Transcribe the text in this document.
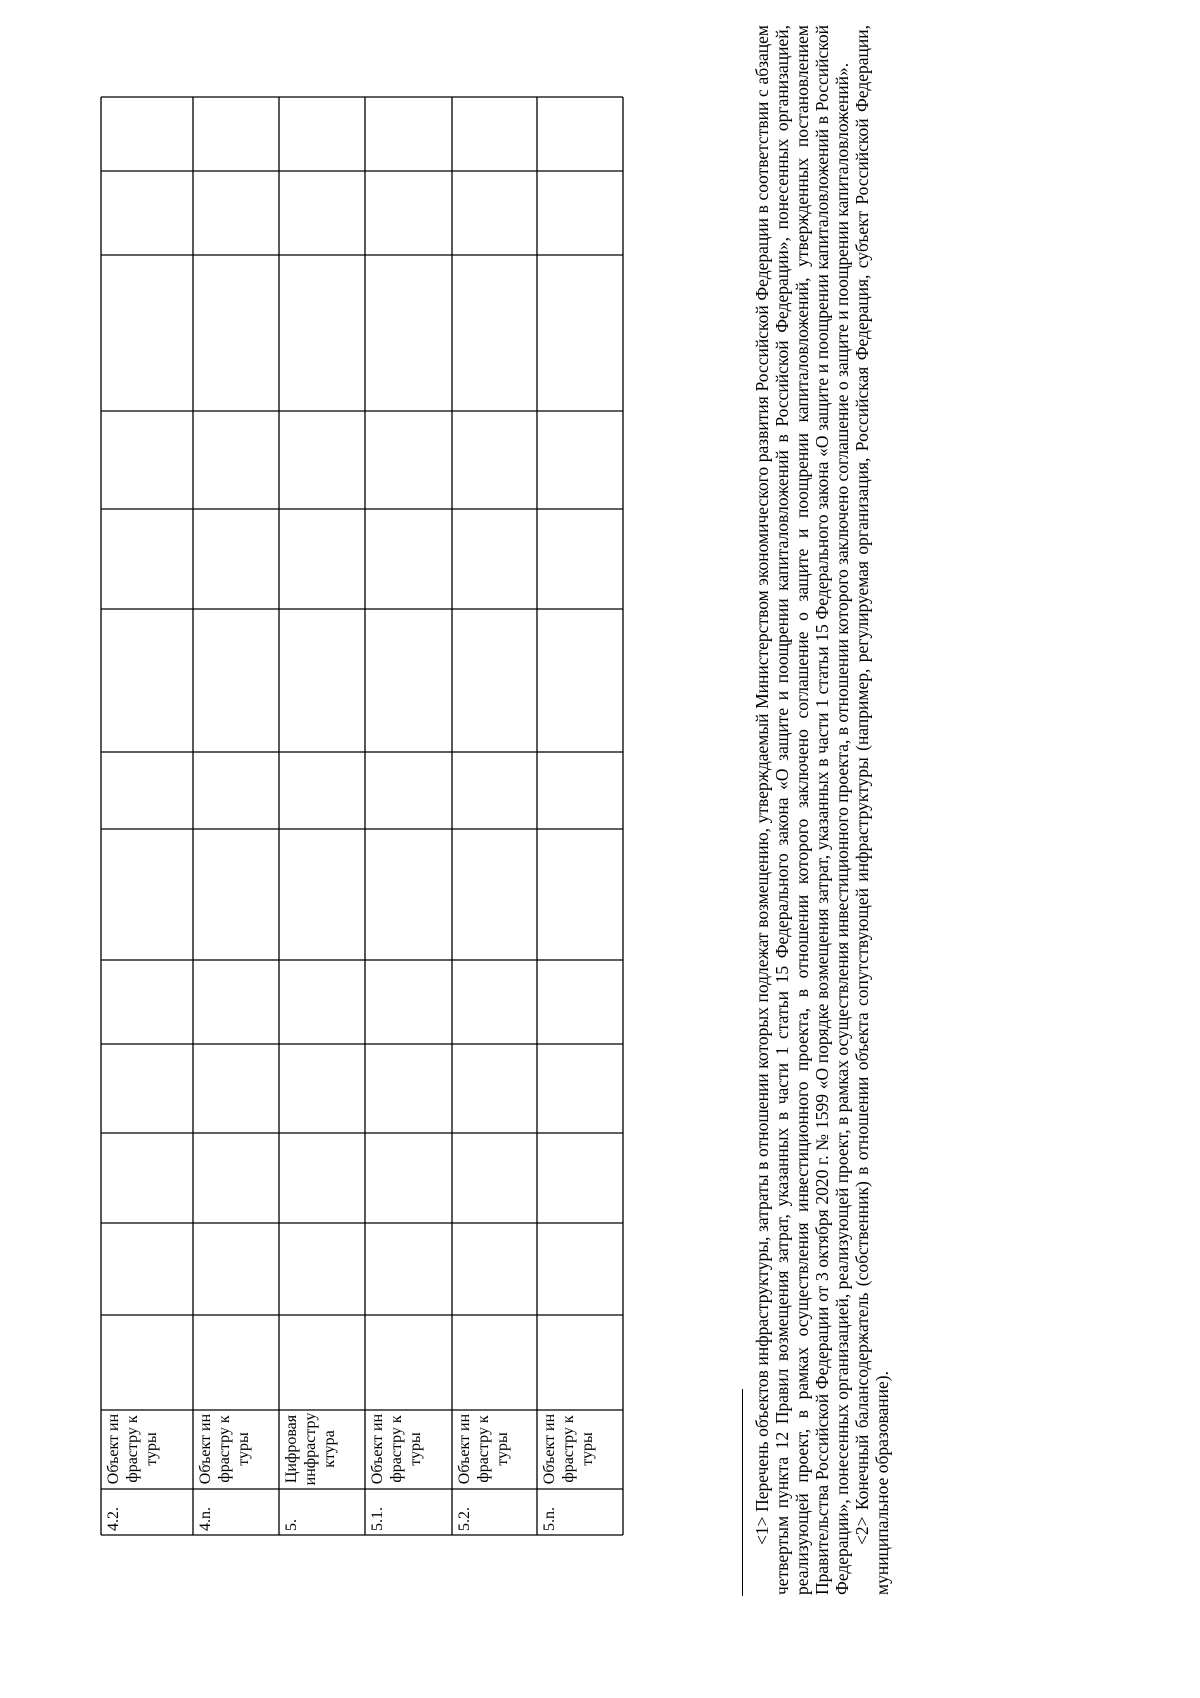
4.2.
Объект инфрастру ктуры
4.n.
Объект инфрастру ктуры
5.
Цифровая инфрастру ктура
5.1.
Объект инфрастру ктуры
5.2.
Объект инфрастру ктуры
5.n.
Объект инфрастру ктуры	<1> Перечень объектов инфраструктуры, затраты в отношении которых подлежат возмещению, утверждаемый Министерством экономического развития Российской Федерации в соответствии с абзацем четвертым пункта 12 Правил возмещения затрат, указанных в части 1 статьи 15 Федерального закона «О защите и поощрении капиталовложений в Российской Федерации», понесенных организацией, реализующей проект, в рамках осуществления инвестиционного проекта, в отношении которого заключено соглашение о защите и поощрении капиталовложений, утвержденных постановлением Правительства Российской Федерации от 3 октября 2020 г. № 1599 «О порядке возмещения затрат, указанных в части 1 статьи 15 Федерального закона «О защите и поощрении капиталовложений в Российской Федерации», понесенных организацией, реализующей проект, в рамках осуществления инвестиционного проекта, в отношении которого заключено соглашение о защите и поощрении капиталовложений». <2> Конечный балансодержатель (собственник) в отношении объекта сопутствующей инфраструктуры (например, регулируемая организация, Российская Федерация, субъект Российской Федерации, муниципальное образование).
